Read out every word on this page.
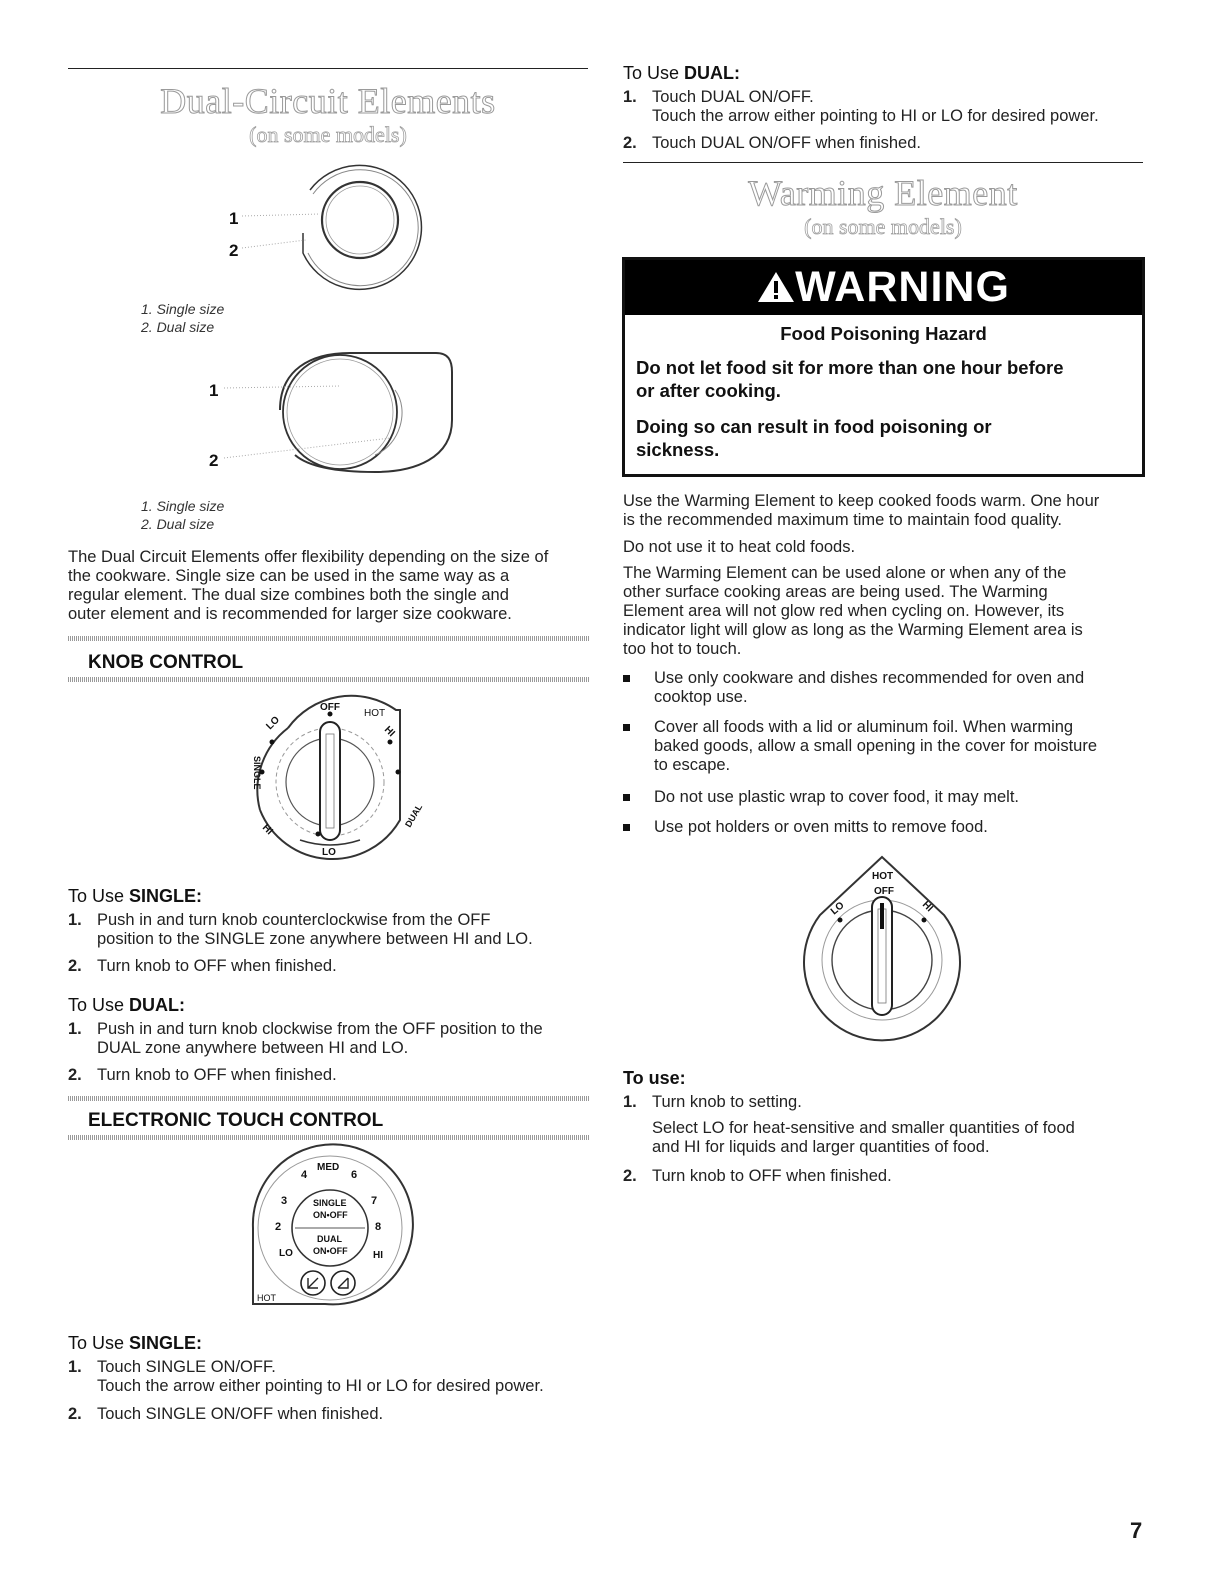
Dual-Circuit Elements
(on some models)
1
2
1. Single size
2. Dual size
1
2
1. Single size
2. Dual size
The Dual Circuit Elements offer flexibility depending on the size of
the cookware. Single size can be used in the same way as a
regular element. The dual size combines both the single and
outer element and is recommended for larger size cookware.
KNOB CONTROL
OFF
HOT
SINGLE
DUAL
HI
LO
HI
LO
To Use SINGLE:
1. Push in and turn knob counterclockwise from the OFF
position to the SINGLE zone anywhere between HI and LO.
2. Turn knob to OFF when finished.
To Use DUAL:
1. Push in and turn knob clockwise from the OFF position to the
DUAL zone anywhere between HI and LO.
2. Turn knob to OFF when finished.
ELECTRONIC TOUCH CONTROL
4
MED
6
3	7
2	8
LO	HI
HOT
SINGLE
ON•OFF
DUAL
ON•OFF
To Use SINGLE:
1. Touch SINGLE ON/OFF.
Touch the arrow either pointing to HI or LO for desired power.
2. Touch SINGLE ON/OFF when finished.
To Use DUAL:
1. Touch DUAL ON/OFF.
Touch the arrow either pointing to HI or LO for desired power.
2. Touch DUAL ON/OFF when finished.
Warming Element
(on some models)
WARNING
Food Poisoning Hazard
Do not let food sit for more than one hour before
or after cooking.
Doing so can result in food poisoning or
sickness.
Use the Warming Element to keep cooked foods warm. One hour
is the recommended maximum time to maintain food quality.
Do not use it to heat cold foods.
The Warming Element can be used alone or when any of the
other surface cooking areas are being used. The Warming
Element area will not glow red when cycling on. However, its
indicator light will glow as long as the Warming Element area is
too hot to touch.
Use only cookware and dishes recommended for oven and
cooktop use.
Cover all foods with a lid or aluminum foil. When warming
baked goods, allow a small opening in the cover for moisture
to escape.
Do not use plastic wrap to cover food, it may melt.
Use pot holders or oven mitts to remove food.
HOT
OFF
LO	HI
To use:
1. Turn knob to setting.
Select LO for heat-sensitive and smaller quantities of food
and HI for liquids and larger quantities of food.
2. Turn knob to OFF when finished.
7
